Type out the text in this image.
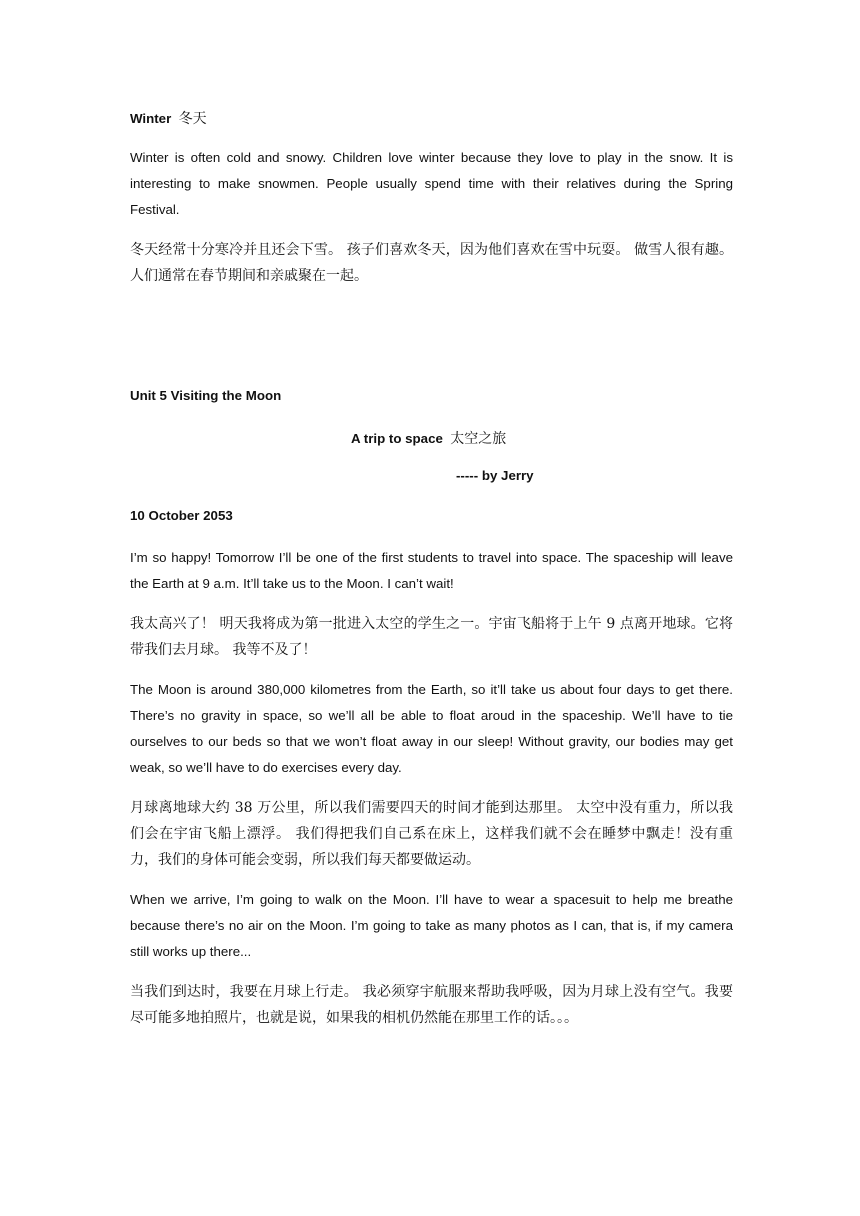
Winter 冬天

Winter is often cold and snowy. Children love winter because they love to play in the snow. It is interesting to make snowmen. People usually spend time with their relatives during the Spring Festival.

冬天经常十分寒冷并且还会下雪。 孩子们喜欢冬天，因为他们喜欢在雪中玩耍。 做雪人很有趣。 人们通常在春节期间和亲戚聚在一起。

Unit 5 Visiting the Moon

A trip to space 太空之旅

----- by Jerry

10 October 2053

I’m so happy! Tomorrow I’ll be one of the first students to travel into space. The spaceship will leave the Earth at 9 a.m. It’ll take us to the Moon. I can’t wait!

我太高兴了！ 明天我将成为第一批进入太空的学生之一。宇宙飞船将于上午 9 点离开地球。它将带我们去月球。 我等不及了！

The Moon is around 380,000 kilometres from the Earth, so it’ll take us about four days to get there. There’s no gravity in space, so we’ll all be able to float aroud in the spaceship. We’ll have to tie ourselves to our beds so that we won’t float away in our sleep! Without gravity, our bodies may get weak, so we’ll have to do exercises every day.

月球离地球大约 38 万公里，所以我们需要四天的时间才能到达那里。 太空中没有重力，所以我们会在宇宙飞船上漂浮。 我们得把我们自己系在床上，这样我们就不会在睡梦中飘走！没有重力，我们的身体可能会变弱，所以我们每天都要做运动。

When we arrive, I’m going to walk on the Moon. I’ll have to wear a spacesuit to help me breathe because there’s no air on the Moon. I’m going to take as many photos as I can, that is, if my camera still works up there...

当我们到达时，我要在月球上行走。 我必须穿宇航服来帮助我呼吸，因为月球上没有空气。我要尽可能多地拍照片，也就是说，如果我的相机仍然能在那里工作的话。。。
